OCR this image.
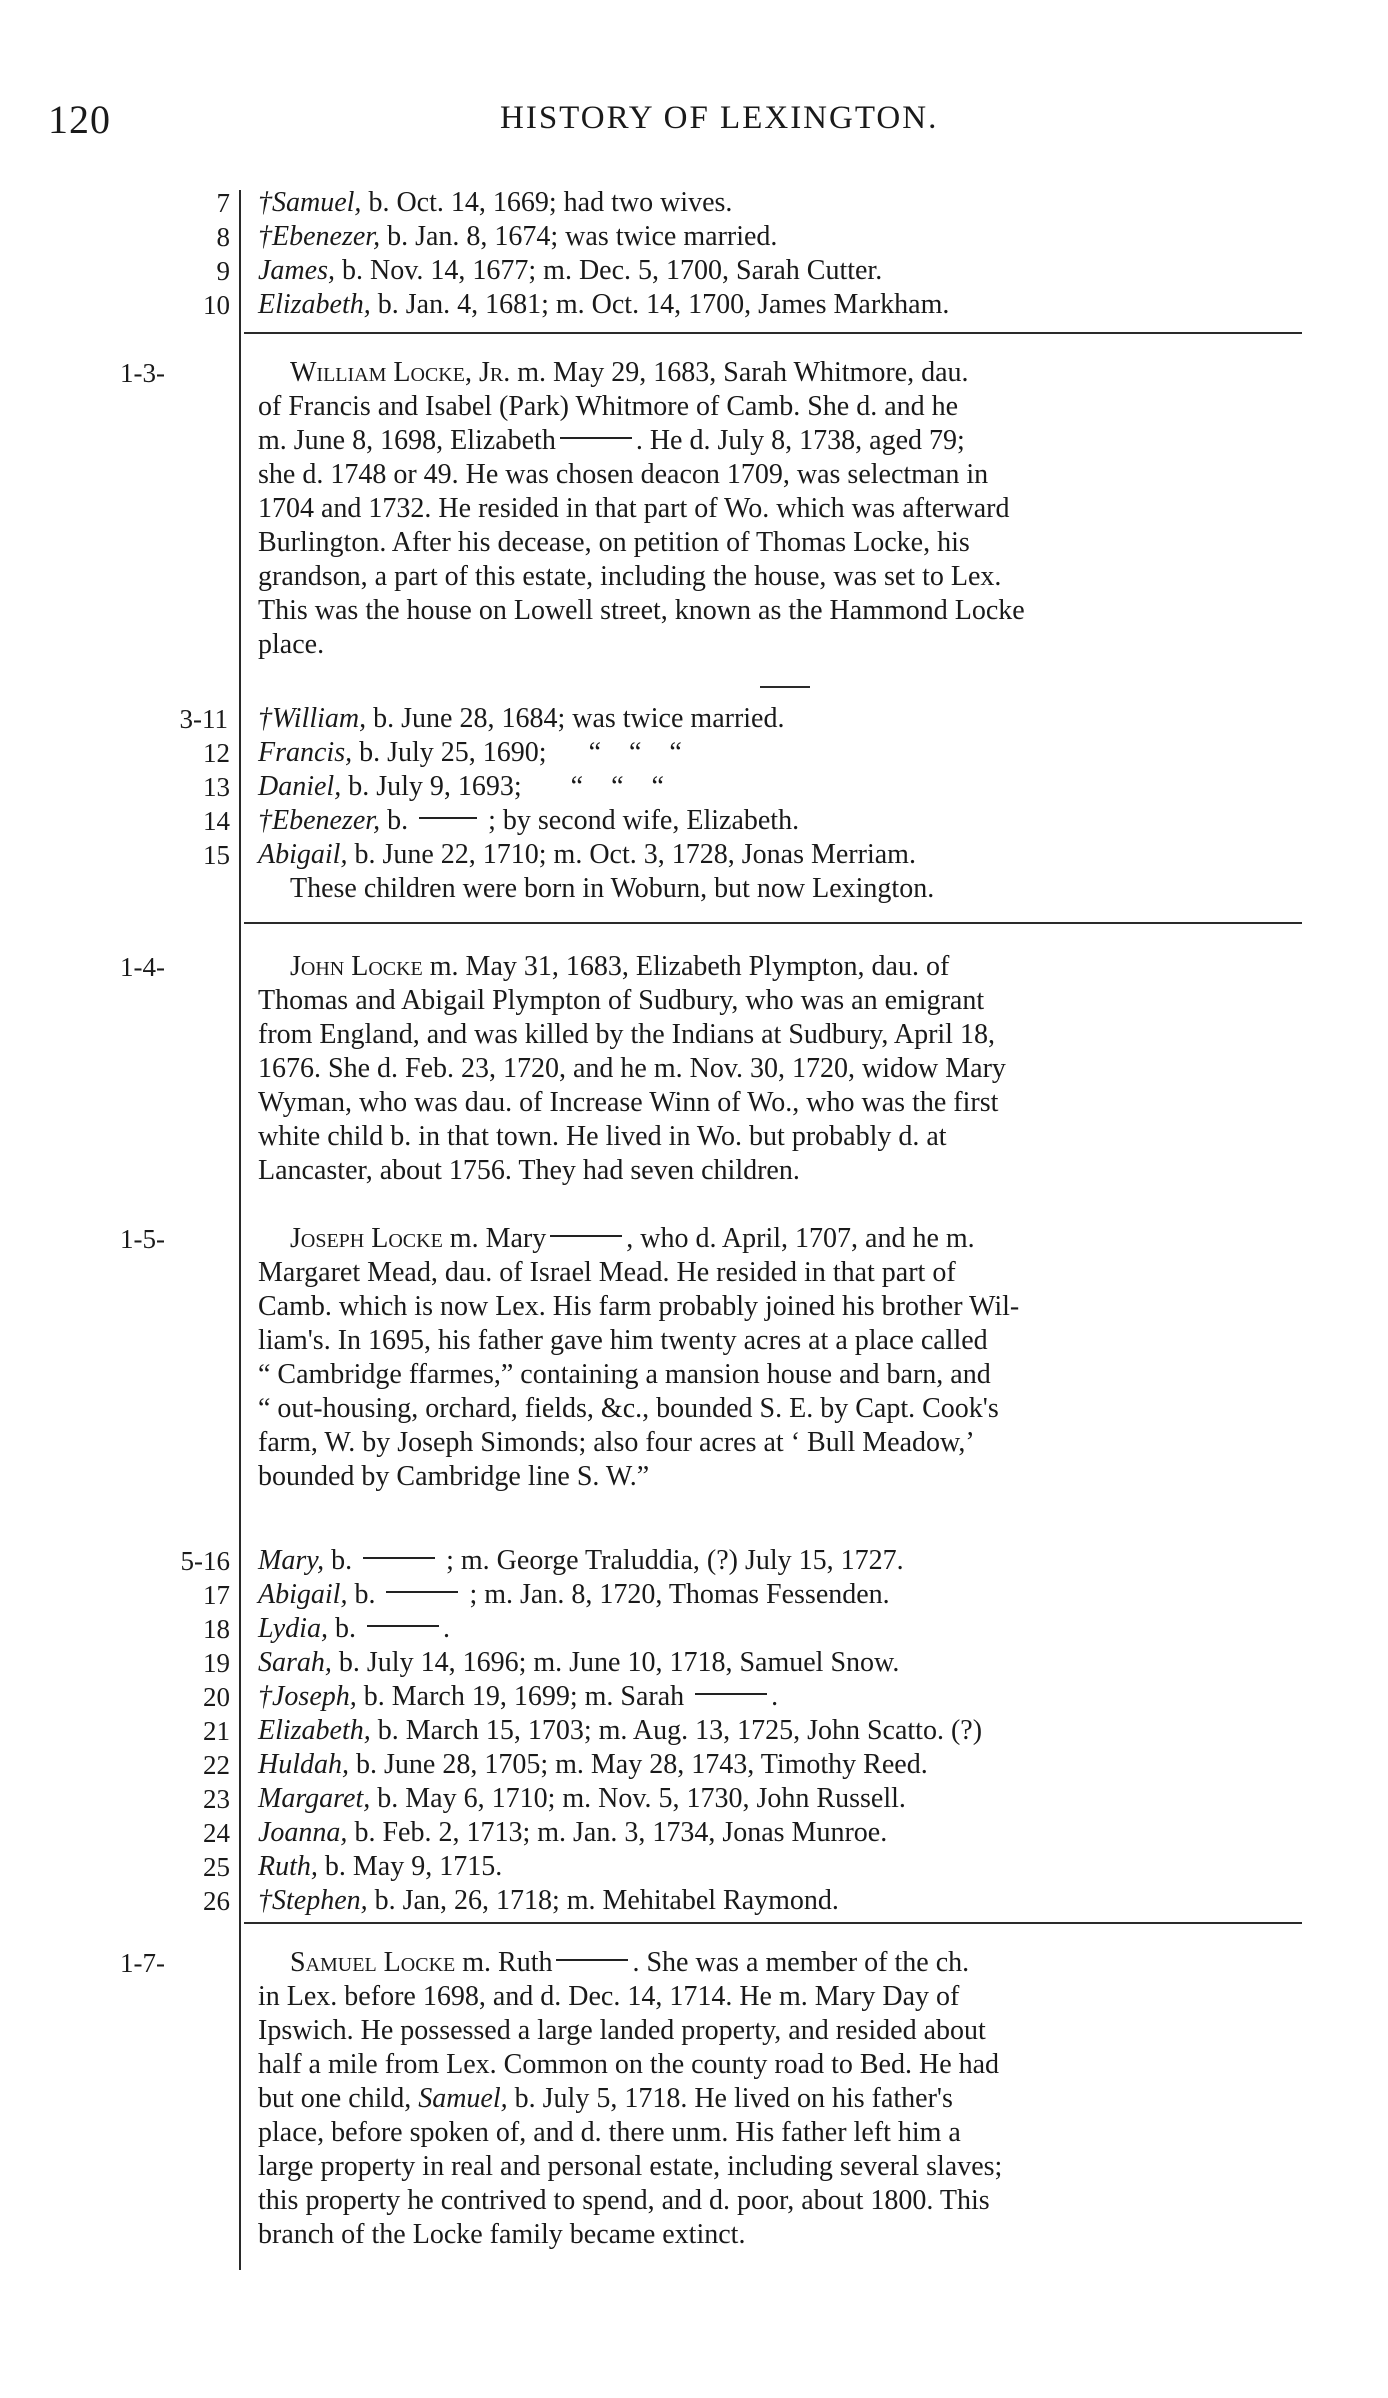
120	HISTORY OF LEXINGTON.
7 †Samuel, b. Oct. 14, 1669; had two wives.
8 †Ebenezer, b. Jan. 8, 1674; was twice married.
9 James, b. Nov. 14, 1677; m. Dec. 5, 1700, Sarah Cutter.
10 Elizabeth, b. Jan. 4, 1681; m. Oct. 14, 1700, James Markham.
1-3-	William Locke, Jr. m. May 29, 1683, Sarah Whitmore, dau.
of Francis and Isabel (Park) Whitmore of Camb. She d. and he
m. June 8, 1698, Elizabeth	. He d. July 8, 1738, aged 79;
she d. 1748 or 49. He was chosen deacon 1709, was selectman in
1704 and 1732. He resided in that part of Wo. which was afterward
Burlington. After his decease, on petition of Thomas Locke, his
grandson, a part of this estate, including the house, was set to Lex.
This was the house on Lowell street, known as the Hammond Locke
place.
3-11 †William, b. June 28, 1684; was twice married.
12 Francis, b. July 25, 1690;      “    “    “
13 Daniel, b. July 9, 1693;       “    “    “
14 †Ebenezer, b.  ; by second wife, Elizabeth.
15 Abigail, b. June 22, 1710; m. Oct. 3, 1728, Jonas Merriam.
These children were born in Woburn, but now Lexington.
1-4-	John Locke m. May 31, 1683, Elizabeth Plympton, dau. of
Thomas and Abigail Plympton of Sudbury, who was an emigrant
from England, and was killed by the Indians at Sudbury, April 18,
1676. She d. Feb. 23, 1720, and he m. Nov. 30, 1720, widow Mary
Wyman, who was dau. of Increase Winn of Wo., who was the first
white child b. in that town. He lived in Wo. but probably d. at
Lancaster, about 1756. They had seven children.
1-5-	Joseph Locke m. Mary	, who d. April, 1707, and he m.
Margaret Mead, dau. of Israel Mead. He resided in that part of
Camb. which is now Lex. His farm probably joined his brother Wil-
liam's. In 1695, his father gave him twenty acres at a place called
“ Cambridge ffarmes,” containing a mansion house and barn, and
“ out-housing, orchard, fields, &c., bounded S. E. by Capt. Cook's
farm, W. by Joseph Simonds; also four acres at ‘ Bull Meadow,’
bounded by Cambridge line S. W.”
5-16 Mary, b.	; m. George Traluddia, (?) July 15, 1727.
17 Abigail, b.	; m. Jan. 8, 1720, Thomas Fessenden.
18 Lydia, b.	.
19 Sarah, b. July 14, 1696; m. June 10, 1718, Samuel Snow.
20 †Joseph, b. March 19, 1699; m. Sarah	.
21 Elizabeth, b. March 15, 1703; m. Aug. 13, 1725, John Scatto. (?)
22 Huldah, b. June 28, 1705; m. May 28, 1743, Timothy Reed.
23 Margaret, b. May 6, 1710; m. Nov. 5, 1730, John Russell.
24 Joanna, b. Feb. 2, 1713; m. Jan. 3, 1734, Jonas Munroe.
25 Ruth, b. May 9, 1715.
26 †Stephen, b. Jan, 26, 1718; m. Mehitabel Raymond.
1-7-	Samuel Locke m. Ruth	. She was a member of the ch.
in Lex. before 1698, and d. Dec. 14, 1714. He m. Mary Day of
Ipswich. He possessed a large landed property, and resided about
half a mile from Lex. Common on the county road to Bed. He had
but one child, Samuel, b. July 5, 1718. He lived on his father's
place, before spoken of, and d. there unm. His father left him a
large property in real and personal estate, including several slaves;
this property he contrived to spend, and d. poor, about 1800. This
branch of the Locke family became extinct.
